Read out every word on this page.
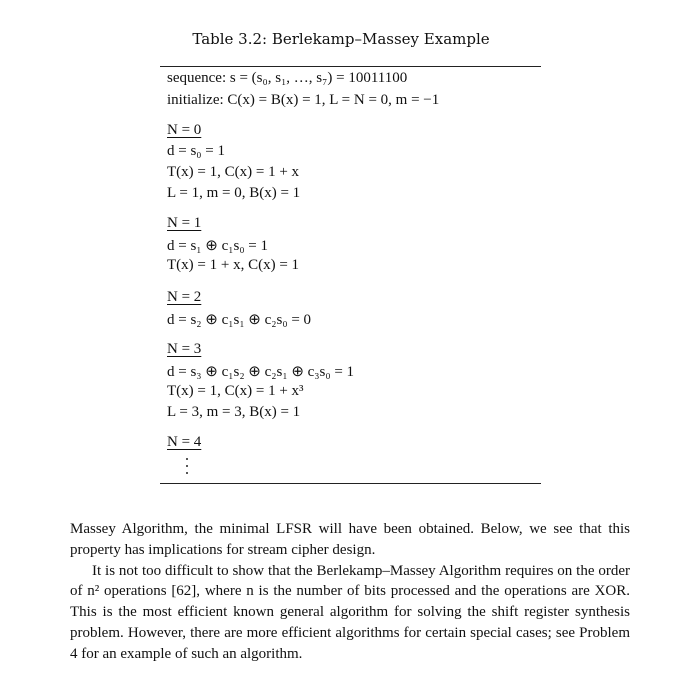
Table 3.2: Berlekamp–Massey Example
sequence: s = (s₀, s₁, …, s₇) = 10011100
initialize: C(x) = B(x) = 1, L = N = 0, m = −1
N = 0
d = s₀ = 1
T(x) = 1, C(x) = 1 + x
L = 1, m = 0, B(x) = 1
N = 1
d = s₁ ⊕ c₁s₀ = 1
T(x) = 1 + x, C(x) = 1
N = 2
d = s₂ ⊕ c₁s₁ ⊕ c₂s₀ = 0
N = 3
d = s₃ ⊕ c₁s₂ ⊕ c₂s₁ ⊕ c₃s₀ = 1
T(x) = 1, C(x) = 1 + x³
L = 3, m = 3, B(x) = 1
N = 4

Massey Algorithm, the minimal LFSR will have been obtained. Below, we see that this property has implications for stream cipher design.

It is not too difficult to show that the Berlekamp–Massey Algorithm requires on the order of n² operations [62], where n is the number of bits processed and the operations are XOR. This is the most efficient known general algorithm for solving the shift register synthesis problem. However, there are more efficient algorithms for certain special cases; see Problem 4 for an example of such an algorithm.
